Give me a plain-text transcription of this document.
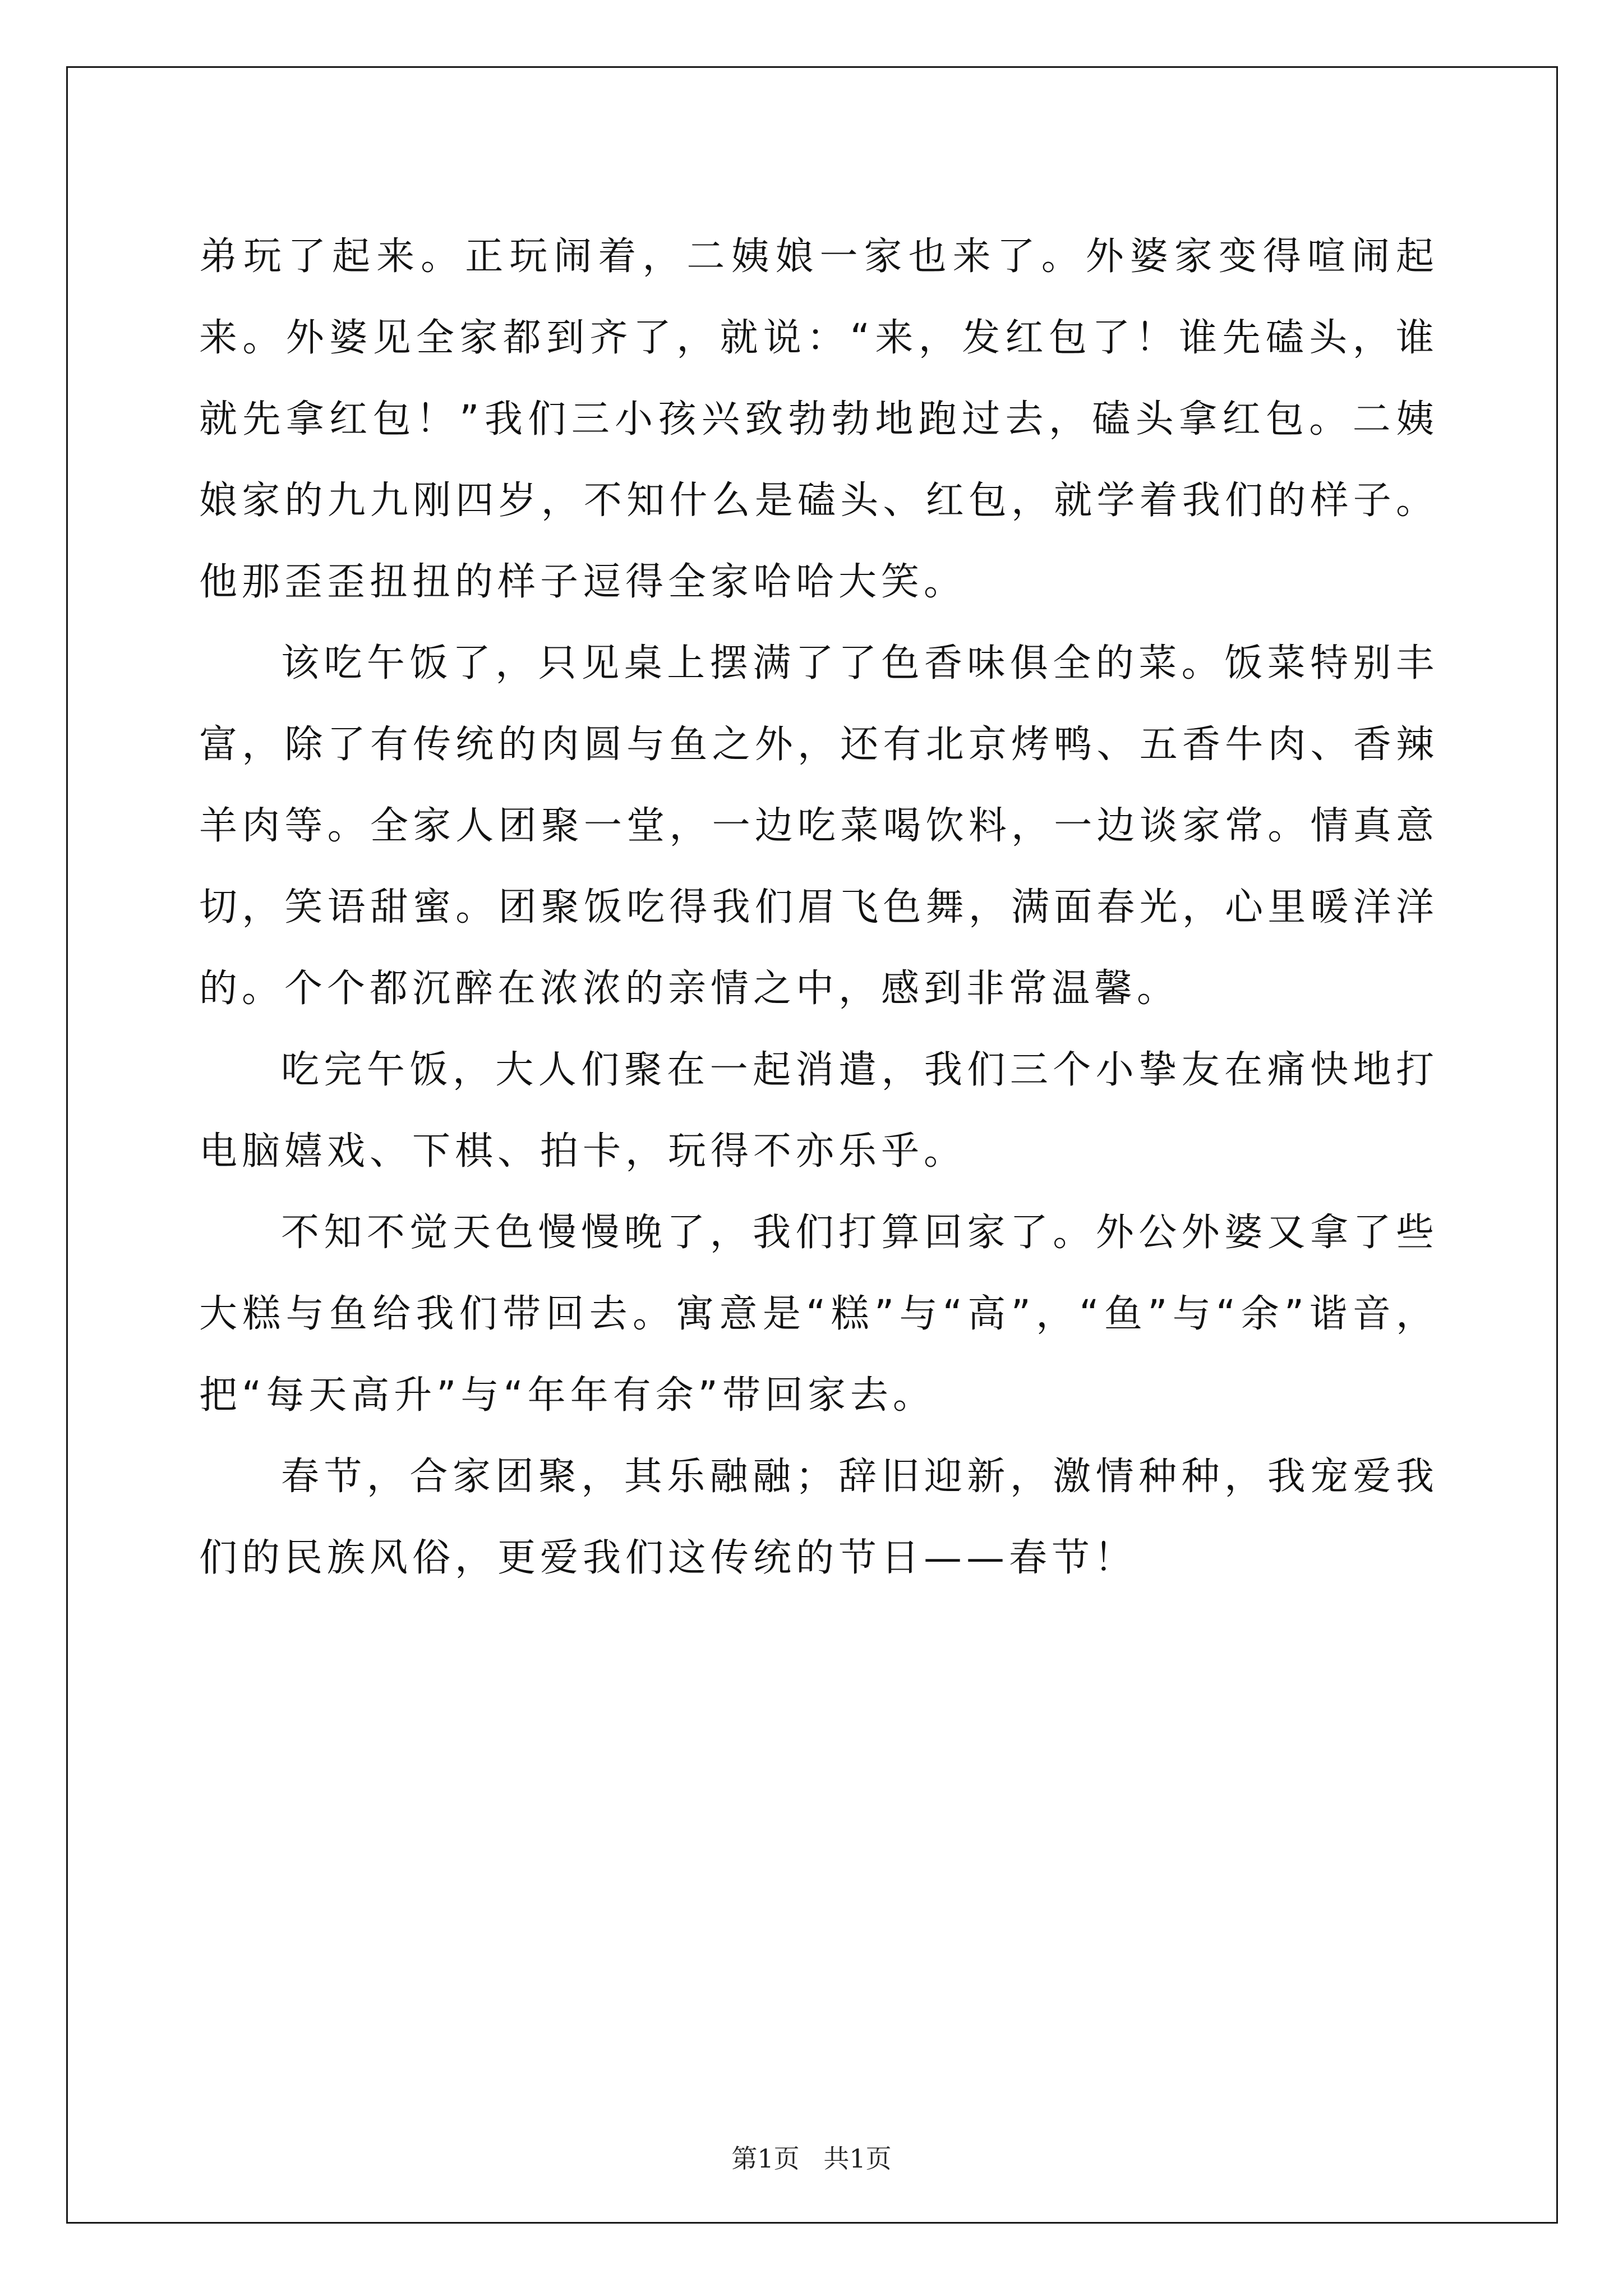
弟玩了起来。正玩闹着，二姨娘一家也来了。外婆家变得喧闹起来。外婆见全家都到齐了，就说：“来，发红包了！谁先磕头，谁就先拿红包！”我们三小孩兴致勃勃地跑过去，磕头拿红包。二姨娘家的九九刚四岁，不知什么是磕头、红包，就学着我们的样子。他那歪歪扭扭的样子逗得全家哈哈大笑。

该吃午饭了，只见桌上摆满了了色香味俱全的菜。饭菜特别丰富，除了有传统的肉圆与鱼之外，还有北京烤鸭、五香牛肉、香辣羊肉等。全家人团聚一堂，一边吃菜喝饮料，一边谈家常。情真意切，笑语甜蜜。团聚饭吃得我们眉飞色舞，满面春光，心里暖洋洋的。个个都沉醉在浓浓的亲情之中，感到非常温馨。

吃完午饭，大人们聚在一起消遣，我们三个小挚友在痛快地打电脑嬉戏、下棋、拍卡，玩得不亦乐乎。

不知不觉天色慢慢晚了，我们打算回家了。外公外婆又拿了些大糕与鱼给我们带回去。寓意是“糕”与“高”，“鱼”与“余”谐音，把“每天高升”与“年年有余”带回家去。

春节，合家团聚，其乐融融；辞旧迎新，激情种种，我宠爱我们的民族风俗，更爱我们这传统的节日——春节！

第1页 共1页
